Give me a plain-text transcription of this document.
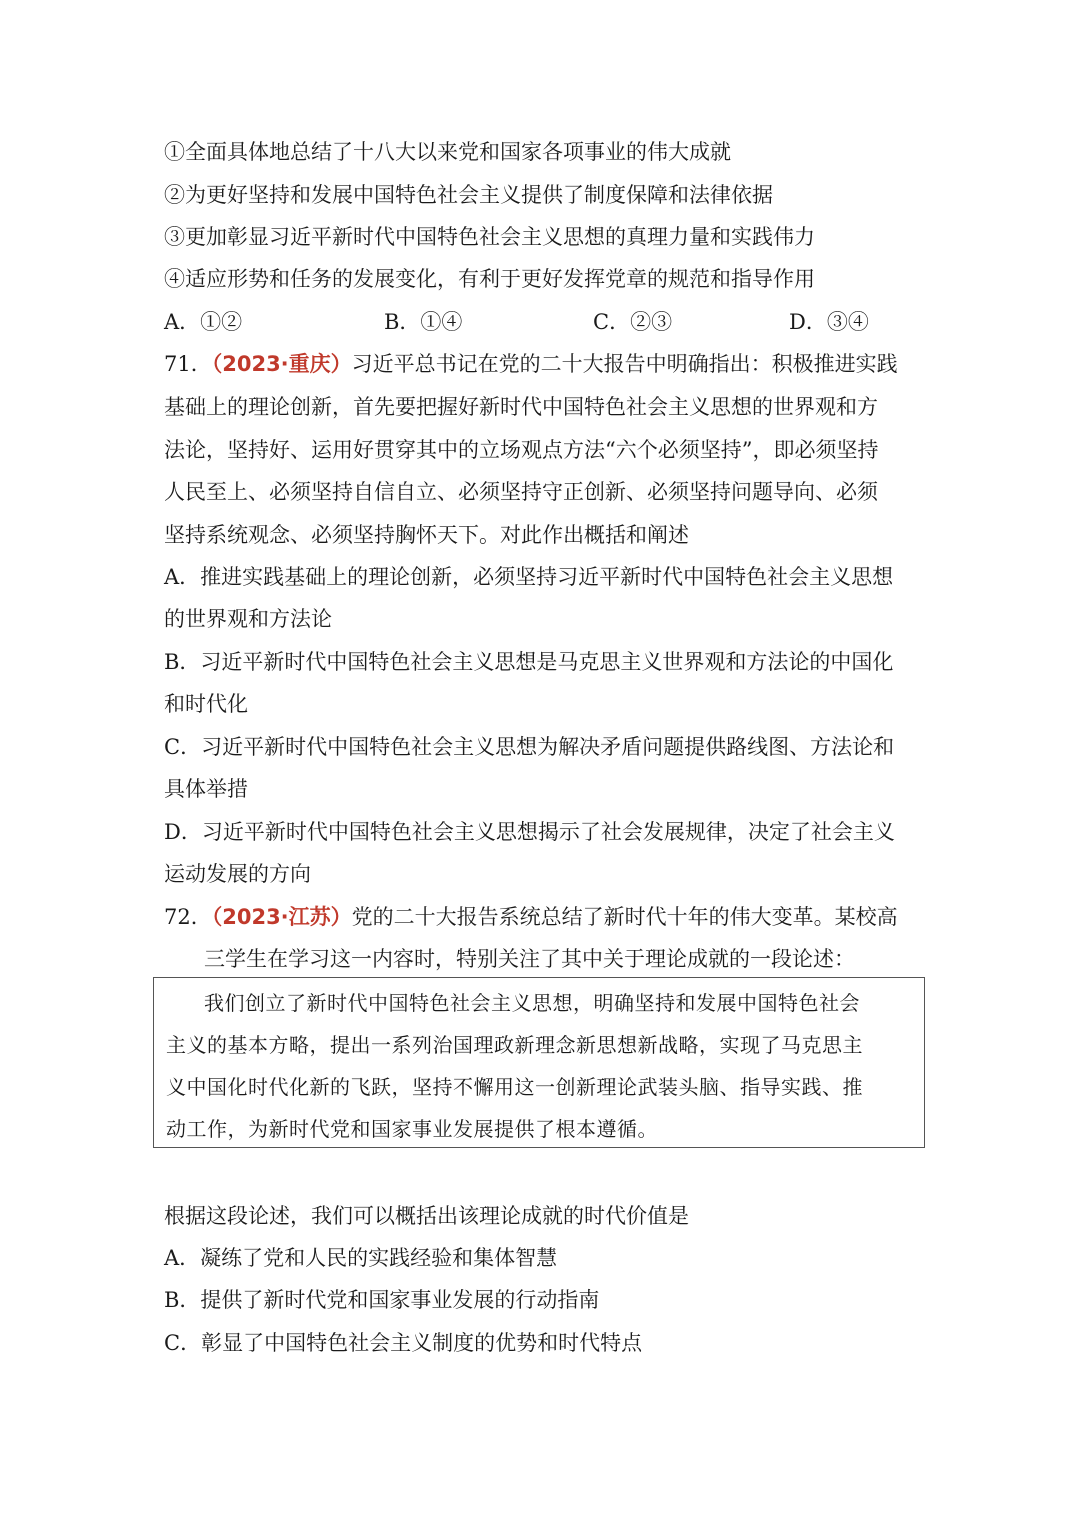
①全面具体地总结了十八大以来党和国家各项事业的伟大成就
②为更好坚持和发展中国特色社会主义提供了制度保障和法律依据
③更加彰显习近平新时代中国特色社会主义思想的真理力量和实践伟力
④适应形势和任务的发展变化，有利于更好发挥党章的规范和指导作用
A．①②	B．①④	C．②③	D．③④
71．（2023·重庆）习近平总书记在党的二十大报告中明确指出：积极推进实践
基础上的理论创新，首先要把握好新时代中国特色社会主义思想的世界观和方
法论，坚持好、运用好贯穿其中的立场观点方法“六个必须坚持”，即必须坚持
人民至上、必须坚持自信自立、必须坚持守正创新、必须坚持问题导向、必须
坚持系统观念、必须坚持胸怀天下。对此作出概括和阐述
A．推进实践基础上的理论创新，必须坚持习近平新时代中国特色社会主义思想
的世界观和方法论
B．习近平新时代中国特色社会主义思想是马克思主义世界观和方法论的中国化
和时代化
C．习近平新时代中国特色社会主义思想为解决矛盾问题提供路线图、方法论和
具体举措
D．习近平新时代中国特色社会主义思想揭示了社会发展规律，决定了社会主义
运动发展的方向
72．（2023·江苏）党的二十大报告系统总结了新时代十年的伟大变革。某校高
三学生在学习这一内容时，特别关注了其中关于理论成就的一段论述：
我们创立了新时代中国特色社会主义思想，明确坚持和发展中国特色社会
主义的基本方略，提出一系列治国理政新理念新思想新战略，实现了马克思主
义中国化时代化新的飞跃，坚持不懈用这一创新理论武装头脑、指导实践、推
动工作，为新时代党和国家事业发展提供了根本遵循。
根据这段论述，我们可以概括出该理论成就的时代价值是
A．凝练了党和人民的实践经验和集体智慧
B．提供了新时代党和国家事业发展的行动指南
C．彰显了中国特色社会主义制度的优势和时代特点
